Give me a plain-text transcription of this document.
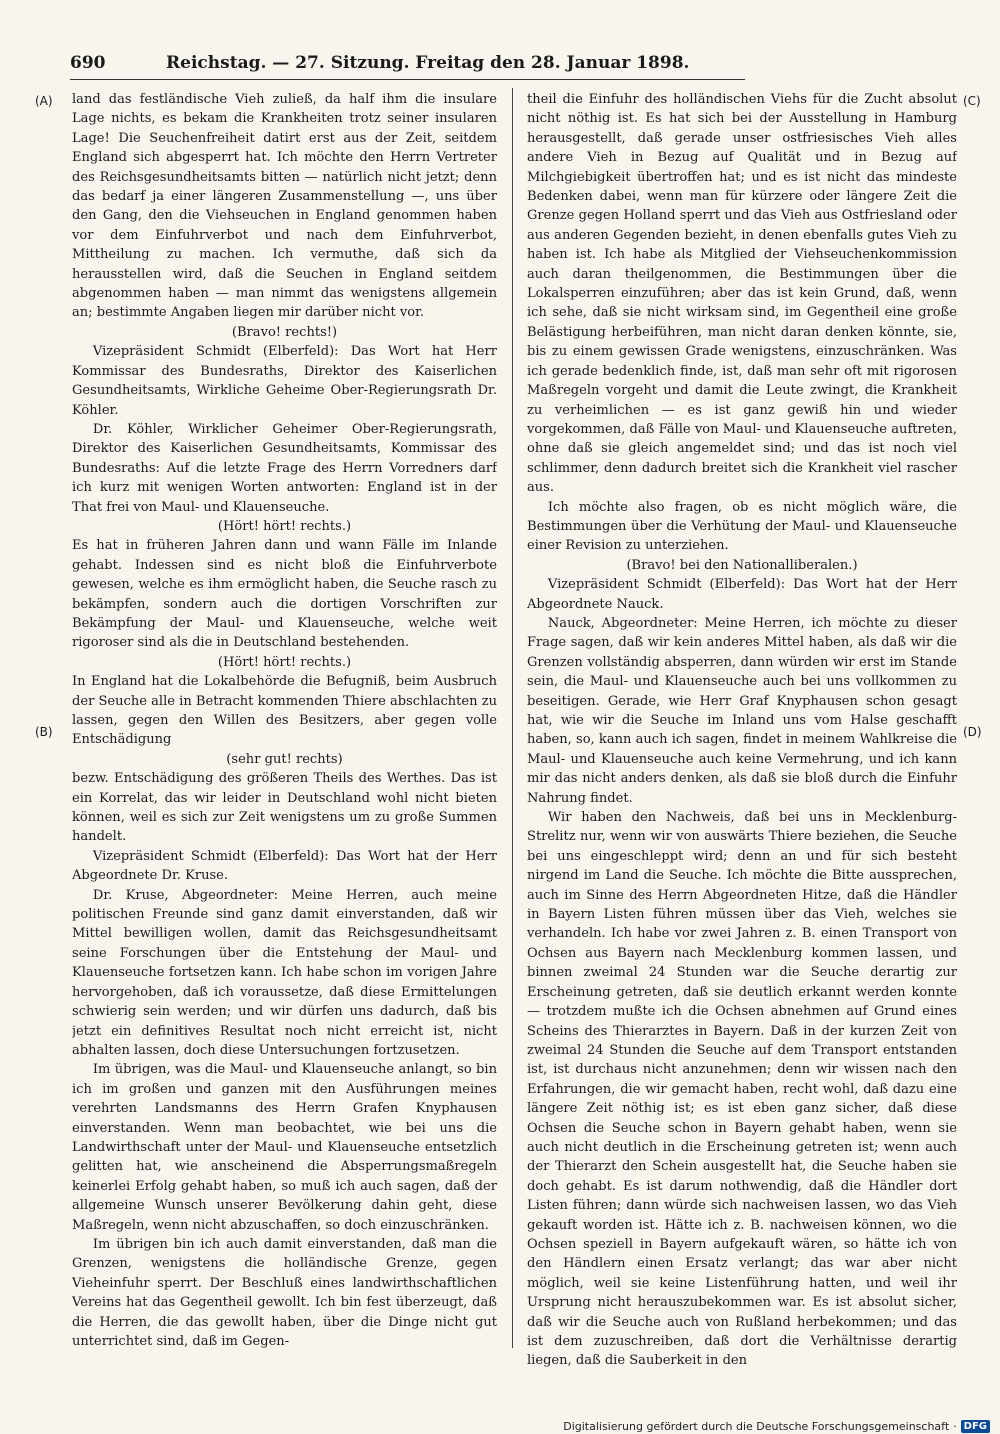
690	Reichstag. — 27. Sitzung. Freitag den 28. Januar 1898.
(A)
(B)
(C)
(D)

land das festländische Vieh zuließ, da half ihm die insulare Lage nichts, es bekam die Krankheiten trotz seiner insularen Lage! Die Seuchenfreiheit datirt erst aus der Zeit, seitdem England sich abgesperrt hat. Ich möchte den Herrn Vertreter des Reichsgesundheitsamts bitten — natürlich nicht jetzt; denn das bedarf ja einer längeren Zusammenstellung —, uns über den Gang, den die Viehseuchen in England genommen haben vor dem Einfuhrverbot und nach dem Einfuhrverbot, Mittheilung zu machen. Ich vermuthe, daß sich da herausstellen wird, daß die Seuchen in England seitdem abgenommen haben — man nimmt das wenigstens allgemein an; bestimmte Angaben liegen mir darüber nicht vor.

(Bravo! rechts!)

Vizepräsident Schmidt (Elberfeld): Das Wort hat Herr Kommissar des Bundesraths, Direktor des Kaiserlichen Gesundheitsamts, Wirkliche Geheime Ober-Regierungsrath Dr. Köhler.

Dr. Köhler, Wirklicher Geheimer Ober-Regierungsrath, Direktor des Kaiserlichen Gesundheitsamts, Kommissar des Bundesraths: Auf die letzte Frage des Herrn Vorredners darf ich kurz mit wenigen Worten antworten: England ist in der That frei von Maul- und Klauenseuche.

(Hört! hört! rechts.)

Es hat in früheren Jahren dann und wann Fälle im Inlande gehabt. Indessen sind es nicht bloß die Einfuhrverbote gewesen, welche es ihm ermöglicht haben, die Seuche rasch zu bekämpfen, sondern auch die dortigen Vorschriften zur Bekämpfung der Maul- und Klauenseuche, welche weit rigoroser sind als die in Deutschland bestehenden.

(Hört! hört! rechts.)

In England hat die Lokalbehörde die Befugniß, beim Ausbruch der Seuche alle in Betracht kommenden Thiere abschlachten zu lassen, gegen den Willen des Besitzers, aber gegen volle Entschädigung

(sehr gut! rechts)

bezw. Entschädigung des größeren Theils des Werthes. Das ist ein Korrelat, das wir leider in Deutschland wohl nicht bieten können, weil es sich zur Zeit wenigstens um zu große Summen handelt.

Vizepräsident Schmidt (Elberfeld): Das Wort hat der Herr Abgeordnete Dr. Kruse.

Dr. Kruse, Abgeordneter: Meine Herren, auch meine politischen Freunde sind ganz damit einverstanden, daß wir Mittel bewilligen wollen, damit das Reichsgesundheitsamt seine Forschungen über die Entstehung der Maul- und Klauenseuche fortsetzen kann. Ich habe schon im vorigen Jahre hervorgehoben, daß ich voraussetze, daß diese Ermittelungen schwierig sein werden; und wir dürfen uns dadurch, daß bis jetzt ein definitives Resultat noch nicht erreicht ist, nicht abhalten lassen, doch diese Untersuchungen fortzusetzen.

Im übrigen, was die Maul- und Klauenseuche anlangt, so bin ich im großen und ganzen mit den Ausführungen meines verehrten Landsmanns des Herrn Grafen Knyphausen einverstanden. Wenn man beobachtet, wie bei uns die Landwirthschaft unter der Maul- und Klauenseuche entsetzlich gelitten hat, wie anscheinend die Absperrungsmaßregeln keinerlei Erfolg gehabt haben, so muß ich auch sagen, daß der allgemeine Wunsch unserer Bevölkerung dahin geht, diese Maßregeln, wenn nicht abzuschaffen, so doch einzuschränken.

Im übrigen bin ich auch damit einverstanden, daß man die Grenzen, wenigstens die holländische Grenze, gegen Vieheinfuhr sperrt. Der Beschluß eines landwirthschaftlichen Vereins hat das Gegentheil gewollt. Ich bin fest überzeugt, daß die Herren, die das gewollt haben, über die Dinge nicht gut unterrichtet sind, daß im Gegen-

theil die Einfuhr des holländischen Viehs für die Zucht absolut nicht nöthig ist. Es hat sich bei der Ausstellung in Hamburg herausgestellt, daß gerade unser ostfriesisches Vieh alles andere Vieh in Bezug auf Qualität und in Bezug auf Milchgiebigkeit übertroffen hat; und es ist nicht das mindeste Bedenken dabei, wenn man für kürzere oder längere Zeit die Grenze gegen Holland sperrt und das Vieh aus Ostfriesland oder aus anderen Gegenden bezieht, in denen ebenfalls gutes Vieh zu haben ist. Ich habe als Mitglied der Viehseuchenkommission auch daran theilgenommen, die Bestimmungen über die Lokalsperren einzuführen; aber das ist kein Grund, daß, wenn ich sehe, daß sie nicht wirksam sind, im Gegentheil eine große Belästigung herbeiführen, man nicht daran denken könnte, sie, bis zu einem gewissen Grade wenigstens, einzuschränken. Was ich gerade bedenklich finde, ist, daß man sehr oft mit rigorosen Maßregeln vorgeht und damit die Leute zwingt, die Krankheit zu verheimlichen — es ist ganz gewiß hin und wieder vorgekommen, daß Fälle von Maul- und Klauenseuche auftreten, ohne daß sie gleich angemeldet sind; und das ist noch viel schlimmer, denn dadurch breitet sich die Krankheit viel rascher aus.

Ich möchte also fragen, ob es nicht möglich wäre, die Bestimmungen über die Verhütung der Maul- und Klauenseuche einer Revision zu unterziehen.

(Bravo! bei den Nationalliberalen.)

Vizepräsident Schmidt (Elberfeld): Das Wort hat der Herr Abgeordnete Nauck.

Nauck, Abgeordneter: Meine Herren, ich möchte zu dieser Frage sagen, daß wir kein anderes Mittel haben, als daß wir die Grenzen vollständig absperren, dann würden wir erst im Stande sein, die Maul- und Klauenseuche auch bei uns vollkommen zu beseitigen. Gerade, wie Herr Graf Knyphausen schon gesagt hat, wie wir die Seuche im Inland uns vom Halse geschafft haben, so, kann auch ich sagen, findet in meinem Wahlkreise die Maul- und Klauenseuche auch keine Vermehrung, und ich kann mir das nicht anders denken, als daß sie bloß durch die Einfuhr Nahrung findet.

Wir haben den Nachweis, daß bei uns in Mecklenburg-Strelitz nur, wenn wir von auswärts Thiere beziehen, die Seuche bei uns eingeschleppt wird; denn an und für sich besteht nirgend im Land die Seuche. Ich möchte die Bitte aussprechen, auch im Sinne des Herrn Abgeordneten Hitze, daß die Händler in Bayern Listen führen müssen über das Vieh, welches sie verhandeln. Ich habe vor zwei Jahren z. B. einen Transport von Ochsen aus Bayern nach Mecklenburg kommen lassen, und binnen zweimal 24 Stunden war die Seuche derartig zur Erscheinung getreten, daß sie deutlich erkannt werden konnte — trotzdem mußte ich die Ochsen abnehmen auf Grund eines Scheins des Thierarztes in Bayern. Daß in der kurzen Zeit von zweimal 24 Stunden die Seuche auf dem Transport entstanden ist, ist durchaus nicht anzunehmen; denn wir wissen nach den Erfahrungen, die wir gemacht haben, recht wohl, daß dazu eine längere Zeit nöthig ist; es ist eben ganz sicher, daß diese Ochsen die Seuche schon in Bayern gehabt haben, wenn sie auch nicht deutlich in die Erscheinung getreten ist; wenn auch der Thierarzt den Schein ausgestellt hat, die Seuche haben sie doch gehabt. Es ist darum nothwendig, daß die Händler dort Listen führen; dann würde sich nachweisen lassen, wo das Vieh gekauft worden ist. Hätte ich z. B. nachweisen können, wo die Ochsen speziell in Bayern aufgekauft wären, so hätte ich von den Händlern einen Ersatz verlangt; das war aber nicht möglich, weil sie keine Listenführung hatten, und weil ihr Ursprung nicht herauszubekommen war. Es ist absolut sicher, daß wir die Seuche auch von Rußland herbekommen; und das ist dem zuzuschreiben, daß dort die Verhältnisse derartig liegen, daß die Sauberkeit in den

Digitalisierung gefördert durch die Deutsche Forschungsgemeinschaft · DFG
